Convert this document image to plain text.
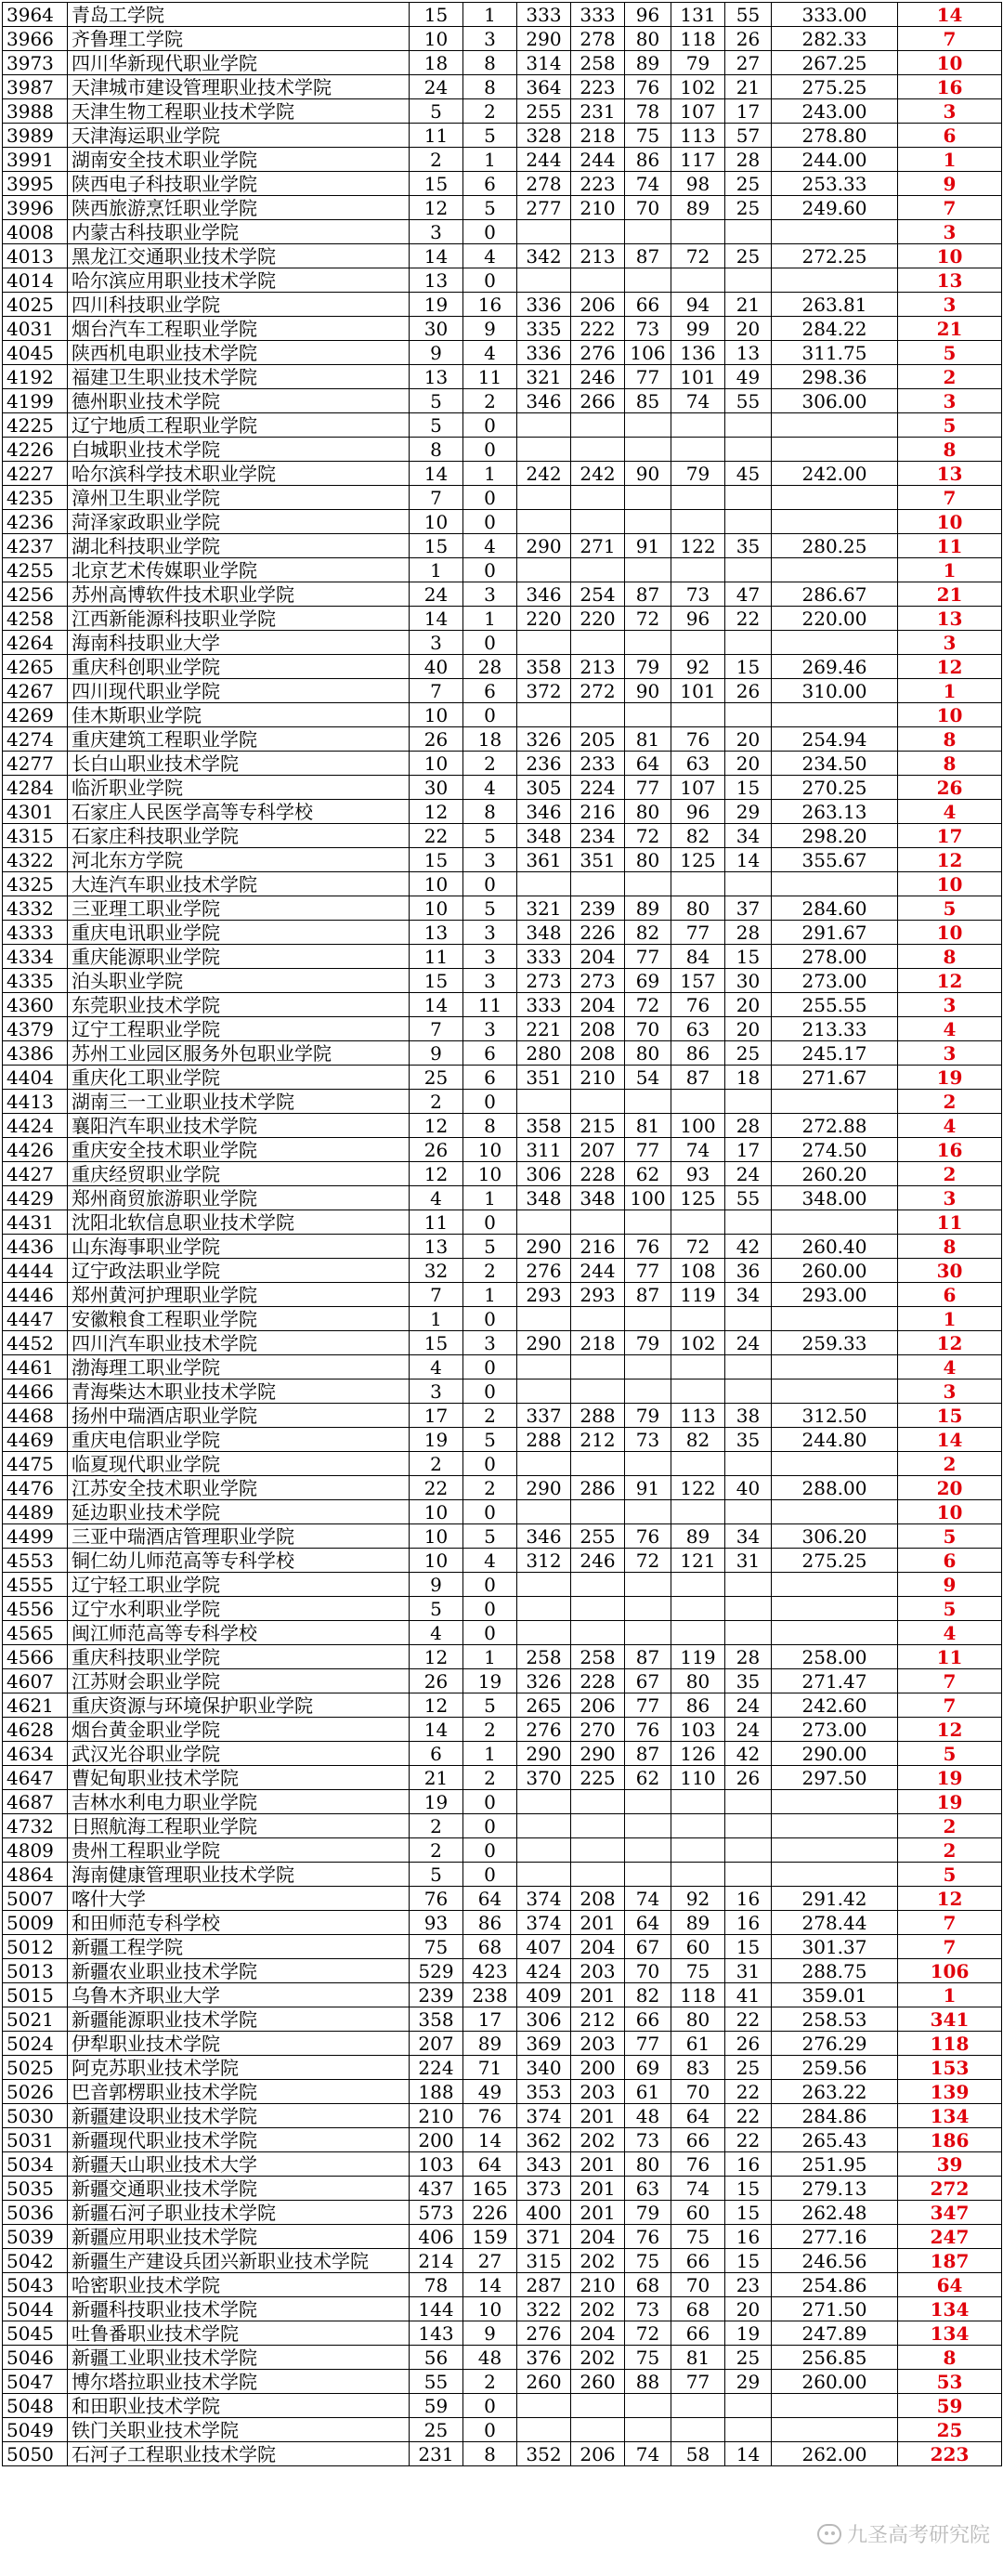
3964	青岛工学院	15	1	333	333	96	131	55	333.00	14
3966	齐鲁理工学院	10	3	290	278	80	118	26	282.33	7
3973	四川华新现代职业学院	18	8	314	258	89	79	27	267.25	10
3987	天津城市建设管理职业技术学院	24	8	364	223	76	102	21	275.25	16
3988	天津生物工程职业技术学院	5	2	255	231	78	107	17	243.00	3
3989	天津海运职业学院	11	5	328	218	75	113	57	278.80	6
3991	湖南安全技术职业学院	2	1	244	244	86	117	28	244.00	1
3995	陕西电子科技职业学院	15	6	278	223	74	98	25	253.33	9
3996	陕西旅游烹饪职业学院	12	5	277	210	70	89	25	249.60	7
4008	内蒙古科技职业学院	3	0							3
4013	黑龙江交通职业技术学院	14	4	342	213	87	72	25	272.25	10
4014	哈尔滨应用职业技术学院	13	0							13
4025	四川科技职业学院	19	16	336	206	66	94	21	263.81	3
4031	烟台汽车工程职业学院	30	9	335	222	73	99	20	284.22	21
4045	陕西机电职业技术学院	9	4	336	276	106	136	13	311.75	5
4192	福建卫生职业技术学院	13	11	321	246	77	101	49	298.36	2
4199	德州职业技术学院	5	2	346	266	85	74	55	306.00	3
4225	辽宁地质工程职业学院	5	0							5
4226	白城职业技术学院	8	0							8
4227	哈尔滨科学技术职业学院	14	1	242	242	90	79	45	242.00	13
4235	漳州卫生职业学院	7	0							7
4236	菏泽家政职业学院	10	0							10
4237	湖北科技职业学院	15	4	290	271	91	122	35	280.25	11
4255	北京艺术传媒职业学院	1	0							1
4256	苏州高博软件技术职业学院	24	3	346	254	87	73	47	286.67	21
4258	江西新能源科技职业学院	14	1	220	220	72	96	22	220.00	13
4264	海南科技职业大学	3	0							3
4265	重庆科创职业学院	40	28	358	213	79	92	15	269.46	12
4267	四川现代职业学院	7	6	372	272	90	101	26	310.00	1
4269	佳木斯职业学院	10	0							10
4274	重庆建筑工程职业学院	26	18	326	205	81	76	20	254.94	8
4277	长白山职业技术学院	10	2	236	233	64	63	20	234.50	8
4284	临沂职业学院	30	4	305	224	77	107	15	270.25	26
4301	石家庄人民医学高等专科学校	12	8	346	216	80	96	29	263.13	4
4315	石家庄科技职业学院	22	5	348	234	72	82	34	298.20	17
4322	河北东方学院	15	3	361	351	80	125	14	355.67	12
4325	大连汽车职业技术学院	10	0							10
4332	三亚理工职业学院	10	5	321	239	89	80	37	284.60	5
4333	重庆电讯职业学院	13	3	348	226	82	77	28	291.67	10
4334	重庆能源职业学院	11	3	333	204	77	84	15	278.00	8
4335	泊头职业学院	15	3	273	273	69	157	30	273.00	12
4360	东莞职业技术学院	14	11	333	204	72	76	20	255.55	3
4379	辽宁工程职业学院	7	3	221	208	70	63	20	213.33	4
4386	苏州工业园区服务外包职业学院	9	6	280	208	80	86	25	245.17	3
4404	重庆化工职业学院	25	6	351	210	54	87	18	271.67	19
4413	湖南三一工业职业技术学院	2	0							2
4424	襄阳汽车职业技术学院	12	8	358	215	81	100	28	272.88	4
4426	重庆安全技术职业学院	26	10	311	207	77	74	17	274.50	16
4427	重庆经贸职业学院	12	10	306	228	62	93	24	260.20	2
4429	郑州商贸旅游职业学院	4	1	348	348	100	125	55	348.00	3
4431	沈阳北软信息职业技术学院	11	0							11
4436	山东海事职业学院	13	5	290	216	76	72	42	260.40	8
4444	辽宁政法职业学院	32	2	276	244	77	108	36	260.00	30
4446	郑州黄河护理职业学院	7	1	293	293	87	119	34	293.00	6
4447	安徽粮食工程职业学院	1	0							1
4452	四川汽车职业技术学院	15	3	290	218	79	102	24	259.33	12
4461	渤海理工职业学院	4	0							4
4466	青海柴达木职业技术学院	3	0							3
4468	扬州中瑞酒店职业学院	17	2	337	288	79	113	38	312.50	15
4469	重庆电信职业学院	19	5	288	212	73	82	35	244.80	14
4475	临夏现代职业学院	2	0							2
4476	江苏安全技术职业学院	22	2	290	286	91	122	40	288.00	20
4489	延边职业技术学院	10	0							10
4499	三亚中瑞酒店管理职业学院	10	5	346	255	76	89	34	306.20	5
4553	铜仁幼儿师范高等专科学校	10	4	312	246	72	121	31	275.25	6
4555	辽宁轻工职业学院	9	0							9
4556	辽宁水利职业学院	5	0							5
4565	闽江师范高等专科学校	4	0							4
4566	重庆科技职业学院	12	1	258	258	87	119	28	258.00	11
4607	江苏财会职业学院	26	19	326	228	67	80	35	271.47	7
4621	重庆资源与环境保护职业学院	12	5	265	206	77	86	24	242.60	7
4628	烟台黄金职业学院	14	2	276	270	76	103	24	273.00	12
4634	武汉光谷职业学院	6	1	290	290	87	126	42	290.00	5
4647	曹妃甸职业技术学院	21	2	370	225	62	110	26	297.50	19
4687	吉林水利电力职业学院	19	0							19
4732	日照航海工程职业学院	2	0							2
4809	贵州工程职业学院	2	0							2
4864	海南健康管理职业技术学院	5	0							5
5007	喀什大学	76	64	374	208	74	92	16	291.42	12
5009	和田师范专科学校	93	86	374	201	64	89	16	278.44	7
5012	新疆工程学院	75	68	407	204	67	60	15	301.37	7
5013	新疆农业职业技术学院	529	423	424	203	70	75	31	288.75	106
5015	乌鲁木齐职业大学	239	238	409	201	82	118	41	359.01	1
5021	新疆能源职业技术学院	358	17	306	212	66	80	22	258.53	341
5024	伊犁职业技术学院	207	89	369	203	77	61	26	276.29	118
5025	阿克苏职业技术学院	224	71	340	200	69	83	25	259.56	153
5026	巴音郭楞职业技术学院	188	49	353	203	61	70	22	263.22	139
5030	新疆建设职业技术学院	210	76	374	201	48	64	22	284.86	134
5031	新疆现代职业技术学院	200	14	362	202	73	66	22	265.43	186
5034	新疆天山职业技术大学	103	64	343	201	80	76	16	251.95	39
5035	新疆交通职业技术学院	437	165	373	201	63	74	15	279.13	272
5036	新疆石河子职业技术学院	573	226	400	201	79	60	15	262.48	347
5039	新疆应用职业技术学院	406	159	371	204	76	75	16	277.16	247
5042	新疆生产建设兵团兴新职业技术学院	214	27	315	202	75	66	15	246.56	187
5043	哈密职业技术学院	78	14	287	210	68	70	23	254.86	64
5044	新疆科技职业技术学院	144	10	322	202	73	68	20	271.50	134
5045	吐鲁番职业技术学院	143	9	276	204	72	66	19	247.89	134
5046	新疆工业职业技术学院	56	48	376	202	75	81	25	256.85	8
5047	博尔塔拉职业技术学院	55	2	260	260	88	77	29	260.00	53
5048	和田职业技术学院	59	0							59
5049	铁门关职业技术学院	25	0							25
5050	石河子工程职业技术学院	231	8	352	206	74	58	14	262.00	223
九圣高考研究院
